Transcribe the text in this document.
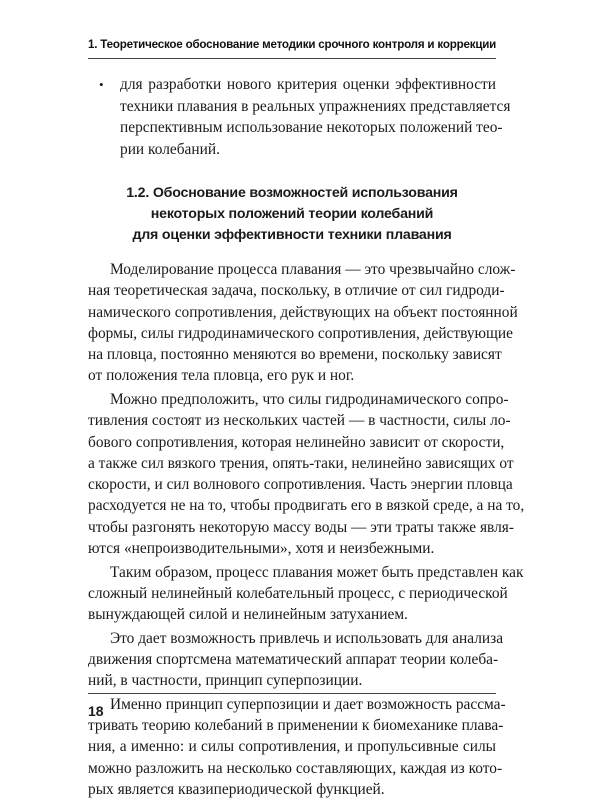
1. Теоретическое обоснование методики срочного контроля и коррекции
• для разработки нового критерия оценки эффективности
техники плавания в реальных упражнениях представляется
перспективным использование некоторых положений тео-
рии колебаний.
1.2. Обоснование возможностей использования
некоторых положений теории колебаний
для оценки эффективности техники плавания
Моделирование процесса плавания — это чрезвычайно слож-
ная теоретическая задача, поскольку, в отличие от сил гидроди-
намического сопротивления, действующих на объект постоянной
формы, силы гидродинамического сопротивления, действующие
на пловца, постоянно меняются во времени, поскольку зависят
от положения тела пловца, его рук и ног.
Можно предположить, что силы гидродинамического сопро-
тивления состоят из нескольких частей — в частности, силы ло-
бового сопротивления, которая нелинейно зависит от скорости,
а также сил вязкого трения, опять-таки, нелинейно зависящих от
скорости, и сил волнового сопротивления. Часть энергии пловца
расходуется не на то, чтобы продвигать его в вязкой среде, а на то,
чтобы разгонять некоторую массу воды — эти траты также явля-
ются «непроизводительными», хотя и неизбежными.
Таким образом, процесс плавания может быть представлен как
сложный нелинейный колебательный процесс, с периодической
вынуждающей силой и нелинейным затуханием.
Это дает возможность привлечь и использовать для анализа
движения спортсмена математический аппарат теории колеба-
ний, в частности, принцип суперпозиции.
Именно принцип суперпозиции и дает возможность рассма-
тривать теорию колебаний в применении к биомеханике плава-
ния, а именно: и силы сопротивления, и пропульсивные силы
можно разложить на несколько составляющих, каждая из кото-
рых является квазипериодической функцией.
18
